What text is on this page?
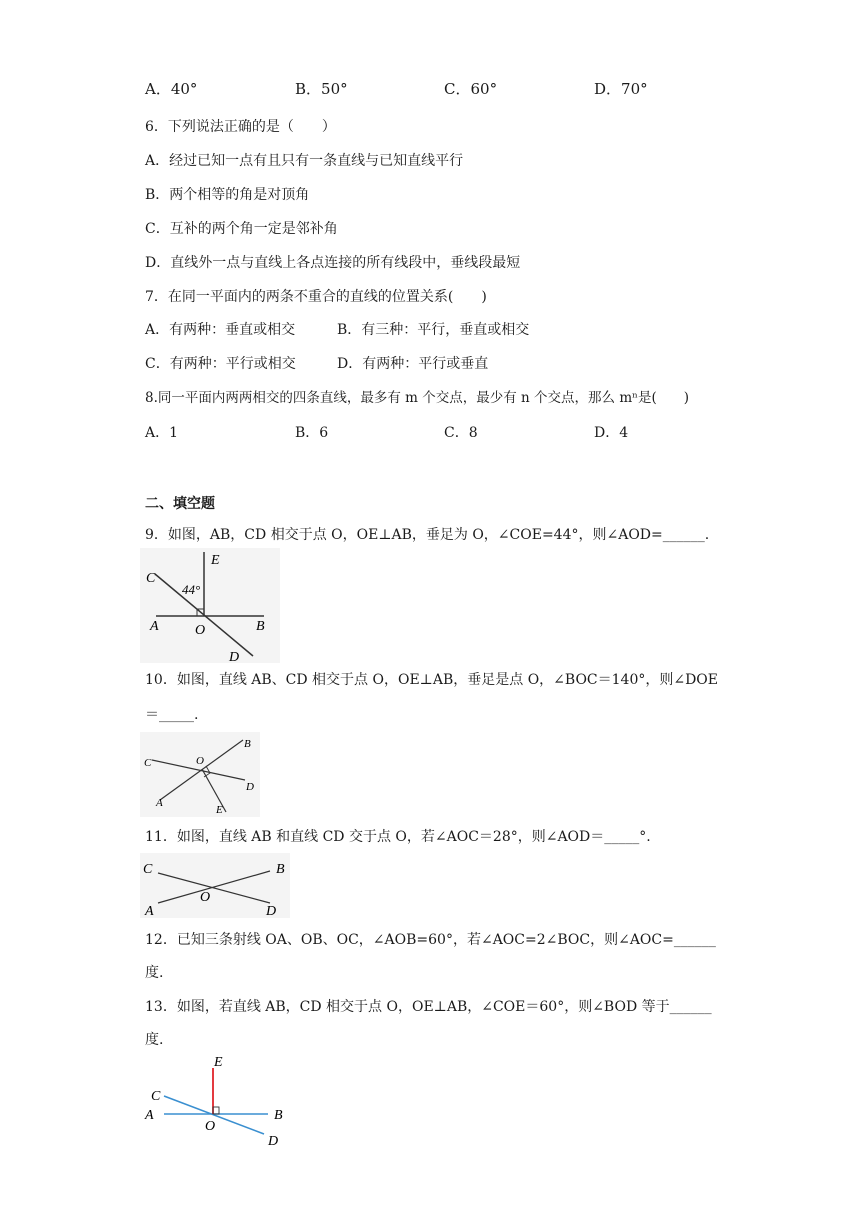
A．40°	B．50°	C．60°	D．70°
6．下列说法正确的是（　　）
A．经过已知一点有且只有一条直线与已知直线平行
B．两个相等的角是对顶角
C．互补的两个角一定是邻补角
D．直线外一点与直线上各点连接的所有线段中，垂线段最短
7．在同一平面内的两条不重合的直线的位置关系(　　)
A．有两种：垂直或相交	B．有三种：平行，垂直或相交
C．有两种：平行或相交	D．有两种：平行或垂直
8.同一平面内两两相交的四条直线，最多有 m 个交点，最少有 n 个交点，那么 mⁿ是(　　)
A．1	B．6	C．8	D．4
二、填空题
9．如图，AB，CD 相交于点 O，OE⊥AB，垂足为 O，∠COE=44°，则∠AOD=______.
C
E
44°
A	O	B
D
10．如图，直线 AB、CD 相交于点 O，OE⊥AB，垂足是点 O，∠BOC＝140°，则∠DOE
＝_____.
C	O
B
D
A
E
11．如图，直线 AB 和直线 CD 交于点 O，若∠AOC＝28°，则∠AOD＝_____°.
C	B
O
A	D
12．已知三条射线 OA、OB、OC，∠AOB=60°，若∠AOC=2∠BOC，则∠AOC=______
度.
13．如图，若直线 AB，CD 相交于点 O，OE⊥AB，∠COE＝60°，则∠BOD 等于______
度.
E
C
A	B
O
D
